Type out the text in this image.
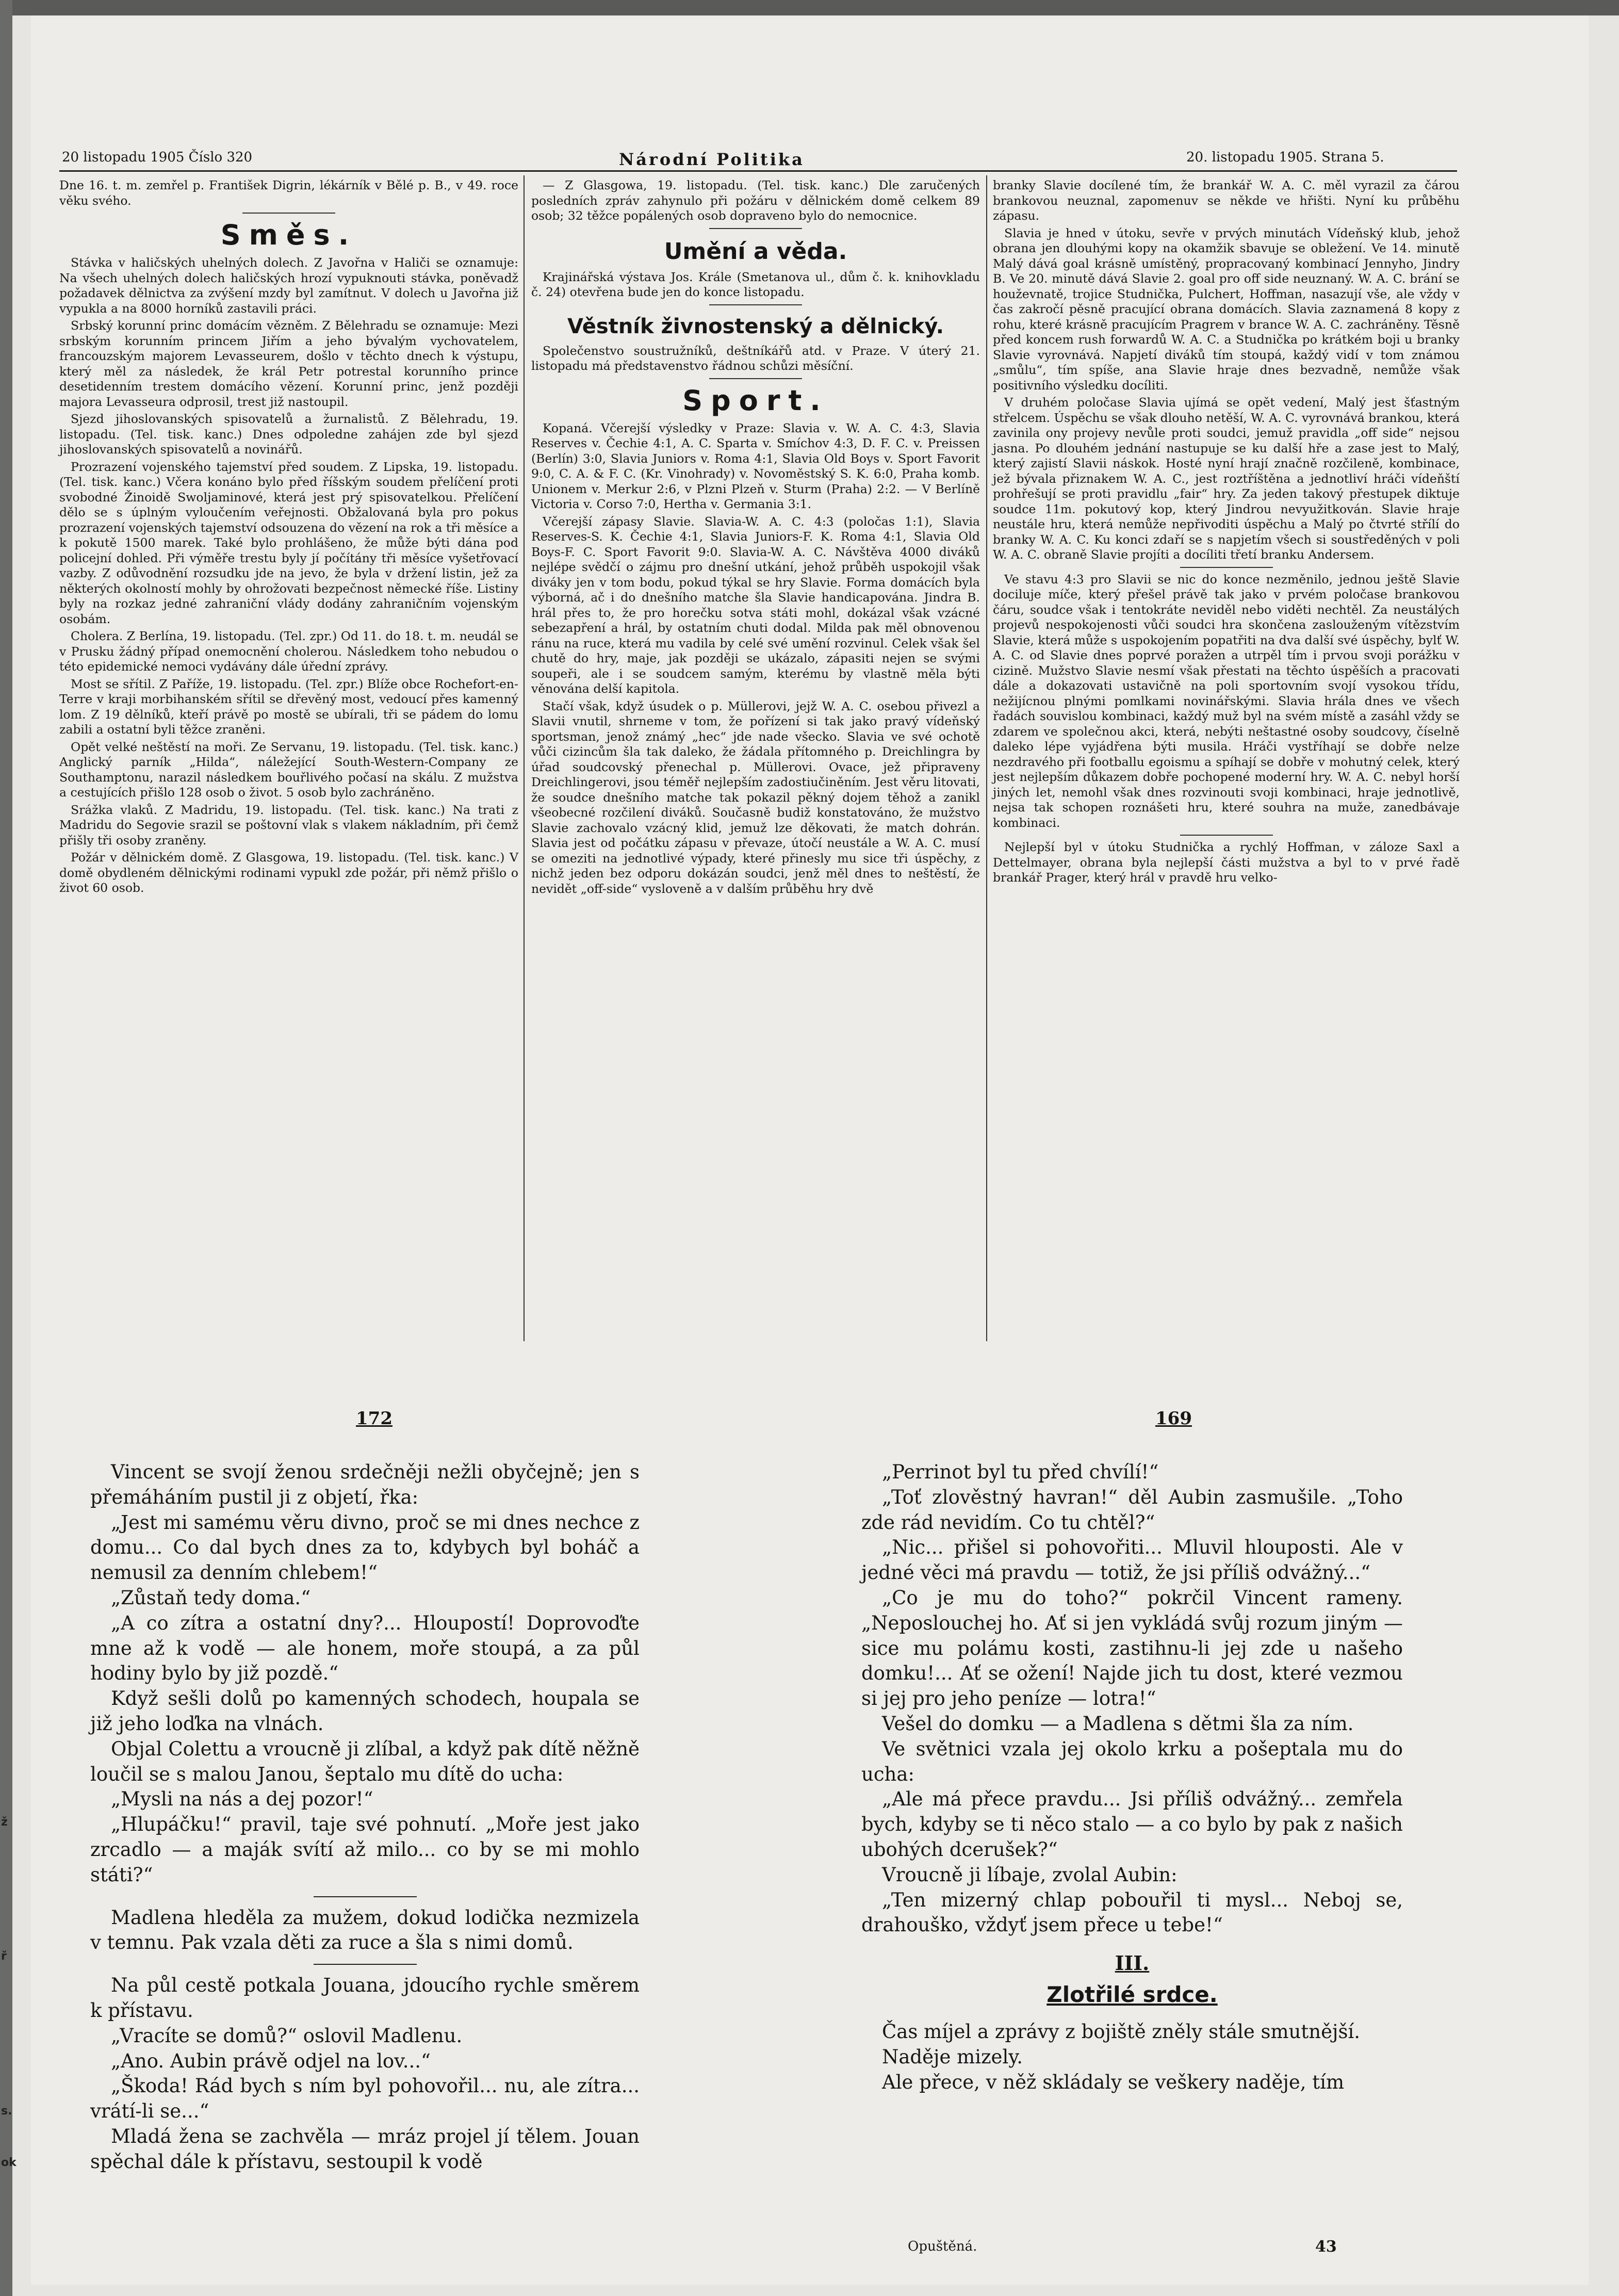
ž
ř
s.
ok
20 listopadu 1905 Číslo 320	Národní Politika	20. listopadu 1905. Strana 5.

Dne 16. t. m. zemřel p. František Digrin, lékárník v Bělé p. B., v 49. roce věku svého.

Směs.

Stávka v haličských uhelných dolech. Z Javořna v Haliči se oznamuje: Na všech uhelných dolech haličských hrozí vypuknouti stávka, poněvadž požadavek dělnictva za zvýšení mzdy byl zamítnut. V dolech u Javořna již vypukla a na 8000 horníků zastavili práci.

Srbský korunní princ domácím vězněm. Z Bělehradu se oznamuje: Mezi srbským korunním princem Jiřím a jeho bývalým vychovatelem, francouzským majorem Levasseurem, došlo v těchto dnech k výstupu, který měl za následek, že král Petr potrestal korunního prince desetidenním trestem domácího vězení. Korunní princ, jenž později majora Levasseura odprosil, trest již nastoupil.

Sjezd jihoslovanských spisovatelů a žurnalistů. Z Bělehradu, 19. listopadu. (Tel. tisk. kanc.) Dnes odpoledne zahájen zde byl sjezd jihoslovanských spisovatelů a novinářů.

Prozrazení vojenského tajemství před soudem. Z Lipska, 19. listopadu. (Tel. tisk. kanc.) Včera konáno bylo před říšským soudem přelíčení proti svobodné Žinoidě Swoljaminové, která jest prý spisovatelkou. Přelíčení dělo se s úplným vyloučením veřejnosti. Obžalovaná byla pro pokus prozrazení vojenských tajemství odsouzena do vězení na rok a tři měsíce a k pokutě 1500 marek. Také bylo prohlášeno, že může býti dána pod policejní dohled. Při výměře trestu byly jí počítány tři měsíce vyšetřovací vazby. Z odůvodnění rozsudku jde na jevo, že byla v držení listin, jež za některých okolností mohly by ohrožovati bezpečnost německé říše. Listiny byly na rozkaz jedné zahraniční vlády dodány zahraničním vojenským osobám.

Cholera. Z Berlína, 19. listopadu. (Tel. zpr.) Od 11. do 18. t. m. neudál se v Prusku žádný případ onemocnění cholerou. Následkem toho nebudou o této epidemické nemoci vydávány dále úřední zprávy.

Most se sřítil. Z Paříže, 19. listopadu. (Tel. zpr.) Blíže obce Rochefort-en-Terre v kraji morbihanském sřítil se dřevěný most, vedoucí přes kamenný lom. Z 19 dělníků, kteří právě po mostě se ubírali, tři se pádem do lomu zabili a ostatní byli těžce zraněni.

Opět velké neštěstí na moři. Ze Servanu, 19. listopadu. (Tel. tisk. kanc.) Anglický parník „Hilda“, náležející South-Western-Company ze Southamptonu, narazil následkem bouřlivého počasí na skálu. Z mužstva a cestujících přišlo 128 osob o život. 5 osob bylo zachráněno.

Srážka vlaků. Z Madridu, 19. listopadu. (Tel. tisk. kanc.) Na trati z Madridu do Segovie srazil se poštovní vlak s vlakem nákladním, při čemž přišly tři osoby zraněny.

Požár v dělnickém domě. Z Glasgowa, 19. listopadu. (Tel. tisk. kanc.) V domě obydleném dělnickými rodinami vypukl zde požár, při němž přišlo o život 60 osob.

— Z Glasgowa, 19. listopadu. (Tel. tisk. kanc.) Dle zaručených posledních zpráv zahynulo při požáru v dělnickém domě celkem 89 osob; 32 těžce popálených osob dopraveno bylo do nemocnice.

Umění a věda.

Krajinářská výstava Jos. Krále (Smetanova ul., dům č. k. knihovkladu č. 24) otevřena bude jen do konce listopadu.

Věstník živnostenský a dělnický.

Společenstvo soustružníků, deštníkářů atd. v Praze. V úterý 21. listopadu má představenstvo řádnou schůzi měsíční.

Sport.

Kopaná. Včerejší výsledky v Praze: Slavia v. W. A. C. 4:3, Slavia Reserves v. Čechie 4:1, A. C. Sparta v. Smíchov 4:3, D. F. C. v. Preissen (Berlín) 3:0, Slavia Juniors v. Roma 4:1, Slavia Old Boys v. Sport Favorit 9:0, C. A. & F. C. (Kr. Vinohrady) v. Novoměstský S. K. 6:0, Praha komb. Unionem v. Merkur 2:6, v Plzni Plzeň v. Sturm (Praha) 2:2. — V Berlíně Victoria v. Corso 7:0, Hertha v. Germania 3:1.

Včerejší zápasy Slavie. Slavia-W. A. C. 4:3 (poločas 1:1), Slavia Reserves-S. K. Čechie 4:1, Slavia Juniors-F. K. Roma 4:1, Slavia Old Boys-F. C. Sport Favorit 9:0. Slavia-W. A. C. Návštěva 4000 diváků nejlépe svědčí o zájmu pro dnešní utkání, jehož průběh uspokojil však diváky jen v tom bodu, pokud týkal se hry Slavie. Forma domácích byla výborná, ač i do dnešního matche šla Slavie handicapována. Jindra B. hrál přes to, že pro horečku sotva státi mohl, dokázal však vzácné sebezapření a hrál, by ostatním chuti dodal. Milda pak měl obnovenou ránu na ruce, která mu vadila by celé své umění rozvinul. Celek však šel chutě do hry, maje, jak později se ukázalo, zápasiti nejen se svými soupeři, ale i se soudcem samým, kterému by vlastně měla býti věnována delší kapitola.

Stačí však, když úsudek o p. Müllerovi, jejž W. A. C. osebou přivezl a Slavii vnutil, shrneme v tom, že pořízení si tak jako pravý vídeňský sportsman, jenož známý „hec“ jde nade všecko. Slavia ve své ochotě vůči cizincům šla tak daleko, že žádala přítomného p. Dreichlingra by úřad soudcovský přenechal p. Müllerovi. Ovace, jež připraveny Dreichlingerovi, jsou téměř nejlepším zadostiučiněním. Jest věru litovati, že soudce dnešního matche tak pokazil pěkný dojem těhož a zanikl všeobecné rozčilení diváků. Současně budiž konstatováno, že mužstvo Slavie zachovalo vzácný klid, jemuž lze děkovati, že match dohrán. Slavia jest od počátku zápasu v převaze, útočí neustále a W. A. C. musí se omeziti na jednotlivé výpady, které přinesly mu sice tři úspěchy, z nichž jeden bez odporu dokázán soudci, jenž měl dnes to neštěstí, že nevidět „off-side“ vysloveně a v dalším průběhu hry dvě

branky Slavie docílené tím, že brankář W. A. C. měl vyrazil za čárou brankovou neuznal, zapomenuv se někde ve hřišti. Nyní ku průběhu zápasu.

Slavia je hned v útoku, sevře v prvých minutách Vídeňský klub, jehož obrana jen dlouhými kopy na okamžik sbavuje se obležení. Ve 14. minutě Malý dává goal krásně umístěný, propracovaný kombinací Jennyho, Jindry B. Ve 20. minutě dává Slavie 2. goal pro off side neuznaný. W. A. C. brání se houževnatě, trojice Studnička, Pulchert, Hoffman, nasazují vše, ale vždy v čas zakročí pěsně pracující obrana domácích. Slavia zaznamená 8 kopy z rohu, které krásně pracujícím Pragrem v brance W. A. C. zachráněny. Těsně před koncem rush forwardů W. A. C. a Studnička po krátkém boji u branky Slavie vyrovnává. Napjetí diváků tím stoupá, každý vidí v tom známou „smůlu“, tím spíše, ana Slavie hraje dnes bezvadně, nemůže však positivního výsledku docíliti.

V druhém poločase Slavia ujímá se opět vedení, Malý jest šťastným střelcem. Úspěchu se však dlouho netěší, W. A. C. vyrovnává brankou, která zavinila ony projevy nevůle proti soudci, jemuž pravidla „off side“ nejsou jasna. Po dlouhém jednání nastupuje se ku další hře a zase jest to Malý, který zajistí Slavii náskok. Hosté nyní hrají značně rozčileně, kombinace, jež bývala přiznakem W. A. C., jest roztříštěna a jednotliví hráči vídeňští prohřešují se proti pravidlu „fair“ hry. Za jeden takový přestupek diktuje soudce 11m. pokutový kop, který Jindrou nevyužitkován. Slavie hraje neustále hru, která nemůže nepřivoditi úspěchu a Malý po čtvrté střílí do branky W. A. C. Ku konci zdaří se s napjetím všech si soustředěných v poli W. A. C. obraně Slavie projíti a docíliti třetí branku Andersem.

Ve stavu 4:3 pro Slavii se nic do konce nezměnilo, jednou ještě Slavie dociluje míče, který přešel právě tak jako v prvém poločase brankovou čáru, soudce však i tentokráte neviděl nebo viděti nechtěl. Za neustálých projevů nespokojenosti vůči soudci hra skončena zaslouženým vítězstvím Slavie, která může s uspokojením popatřiti na dva další své úspěchy, bylť W. A. C. od Slavie dnes poprvé poražen a utrpěl tím i prvou svoji porážku v cizině. Mužstvo Slavie nesmí však přestati na těchto úspěších a pracovati dále a dokazovati ustavičně na poli sportovním svojí vysokou třídu, nežijícnou plnými pomlkami novinářskými. Slavia hrála dnes ve všech řadách souvislou kombinaci, každý muž byl na svém místě a zasáhl vždy se zdarem ve společnou akci, která, nebýti neštastné osoby soudcovy, číselně daleko lépe vyjádřena býti musila. Hráči vystříhají se dobře nelze nezdravého při footballu egoismu a spíhají se dobře v mohutný celek, který jest nejlepším důkazem dobře pochopené moderní hry. W. A. C. nebyl horší jiných let, nemohl však dnes rozvinouti svoji kombinaci, hraje jednotlivě, nejsa tak schopen roznášeti hru, které souhra na muže, zanedbávaje kombinaci.

Nejlepší byl v útoku Studnička a rychlý Hoffman, v záloze Saxl a Dettelmayer, obrana byla nejlepší části mužstva a byl to v prvé řadě brankář Prager, který hrál v pravdě hru velko-

172	169

Vincent se svojí ženou srdečněji nežli obyčejně; jen s přemáháním pustil ji z objetí, řka:

„Jest mi samému věru divno, proč se mi dnes nechce z domu... Co dal bych dnes za to, kdybych byl boháč a nemusil za denním chlebem!“

„Zůstaň tedy doma.“

„A co zítra a ostatní dny?... Hloupostí! Doprovoďte mne až k vodě — ale honem, moře stoupá, a za půl hodiny bylo by již pozdě.“

Když sešli dolů po kamenných schodech, houpala se již jeho loďka na vlnách.

Objal Colettu a vroucně ji zlíbal, a když pak dítě něžně loučil se s malou Janou, šeptalo mu dítě do ucha:

„Mysli na nás a dej pozor!“

„Hlupáčku!“ pravil, taje své pohnutí. „Moře jest jako zrcadlo — a maják svítí až milo... co by se mi mohlo státi?“

Madlena hleděla za mužem, dokud lodička nezmizela v temnu. Pak vzala děti za ruce a šla s nimi domů.

Na půl cestě potkala Jouana, jdoucího rychle směrem k přístavu.

„Vracíte se domů?“ oslovil Madlenu.

„Ano. Aubin právě odjel na lov...“

„Škoda! Rád bych s ním byl pohovořil... nu, ale zítra... vrátí-li se...“

Mladá žena se zachvěla — mráz projel jí tělem. Jouan spěchal dále k přístavu, sestoupil k vodě

„Perrinot byl tu před chvílí!“

„Toť zlověstný havran!“ děl Aubin zasmušile. „Toho zde rád nevidím. Co tu chtěl?“

„Nic... přišel si pohovořiti... Mluvil hlouposti. Ale v jedné věci má pravdu — totiž, že jsi příliš odvážný...“

„Co je mu do toho?“ pokrčil Vincent rameny. „Neposlouchej ho. Ať si jen vykládá svůj rozum jiným — sice mu polámu kosti, zastihnu-li jej zde u našeho domku!... Ať se ožení! Najde jich tu dost, které vezmou si jej pro jeho peníze — lotra!“

Vešel do domku — a Madlena s dětmi šla za ním.

Ve světnici vzala jej okolo krku a pošeptala mu do ucha:

„Ale má přece pravdu... Jsi příliš odvážný... zemřela bych, kdyby se ti něco stalo — a co bylo by pak z našich ubohých dcerušek?“

Vroucně ji líbaje, zvolal Aubin:

„Ten mizerný chlap pobouřil ti mysl... Neboj se, drahouško, vždyť jsem přece u tebe!“

III.
Zlotřilé srdce.

Čas míjel a zprávy z bojiště zněly stále smutnější.

Naděje mizely.

Ale přece, v něž skládaly se veškery naděje, tím

Opuštěná.	43
